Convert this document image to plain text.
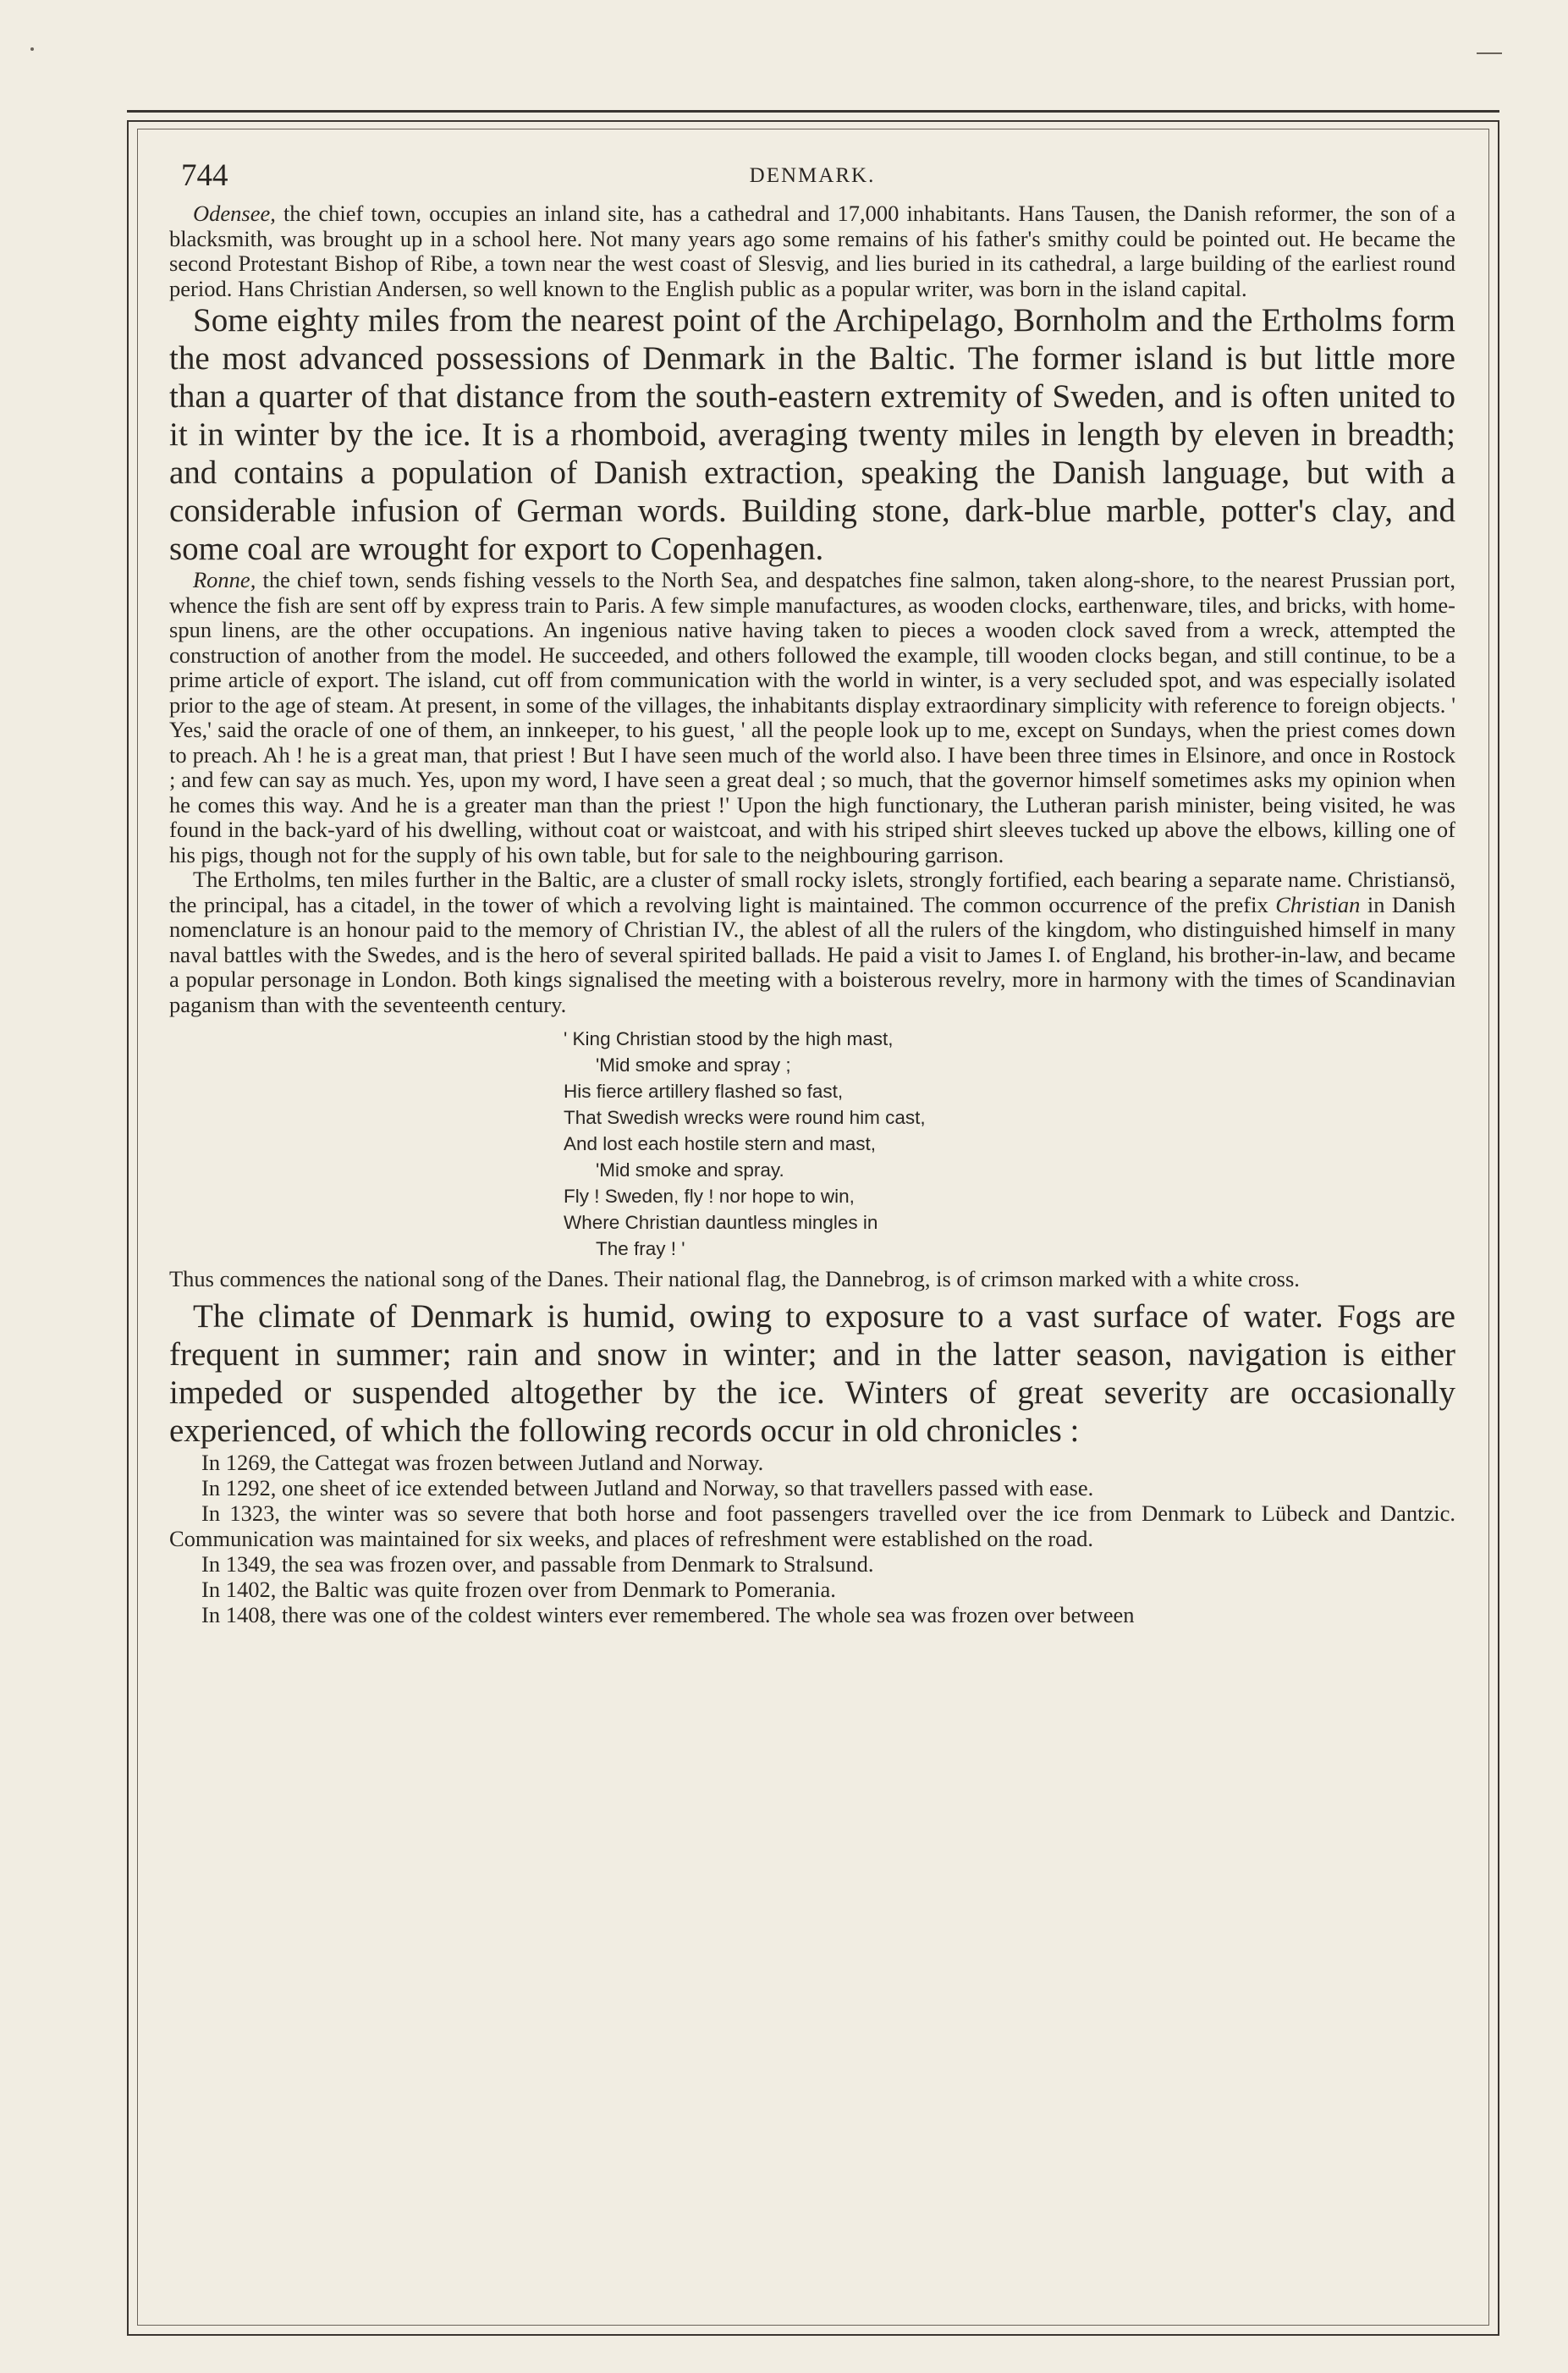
744	DENMARK.

Odensee, the chief town, occupies an inland site, has a cathedral and 17,000 inhabitants. Hans Tausen, the Danish reformer, the son of a blacksmith, was brought up in a school here. Not many years ago some remains of his father's smithy could be pointed out. He became the second Protestant Bishop of Ribe, a town near the west coast of Slesvig, and lies buried in its cathedral, a large building of the earliest round period. Hans Christian Andersen, so well known to the English public as a popular writer, was born in the island capital.

Some eighty miles from the nearest point of the Archipelago, Bornholm and the Ertholms form the most advanced possessions of Denmark in the Baltic. The former island is but little more than a quarter of that distance from the south-eastern extremity of Sweden, and is often united to it in winter by the ice. It is a rhomboid, averaging twenty miles in length by eleven in breadth; and contains a population of Danish extraction, speaking the Danish language, but with a considerable infusion of German words. Building stone, dark-blue marble, potter's clay, and some coal are wrought for export to Copenhagen.

Ronne, the chief town, sends fishing vessels to the North Sea, and despatches fine salmon, taken along-shore, to the nearest Prussian port, whence the fish are sent off by express train to Paris. A few simple manufactures, as wooden clocks, earthenware, tiles, and bricks, with home-spun linens, are the other occupations. An ingenious native having taken to pieces a wooden clock saved from a wreck, attempted the construction of another from the model. He succeeded, and others followed the example, till wooden clocks began, and still continue, to be a prime article of export. The island, cut off from communication with the world in winter, is a very secluded spot, and was especially isolated prior to the age of steam. At present, in some of the villages, the inhabitants display extraordinary simplicity with reference to foreign objects. ' Yes,' said the oracle of one of them, an innkeeper, to his guest, ' all the people look up to me, except on Sundays, when the priest comes down to preach. Ah ! he is a great man, that priest ! But I have seen much of the world also. I have been three times in Elsinore, and once in Rostock ; and few can say as much. Yes, upon my word, I have seen a great deal ; so much, that the governor himself sometimes asks my opinion when he comes this way. And he is a greater man than the priest !' Upon the high functionary, the Lutheran parish minister, being visited, he was found in the back-yard of his dwelling, without coat or waistcoat, and with his striped shirt sleeves tucked up above the elbows, killing one of his pigs, though not for the supply of his own table, but for sale to the neighbouring garrison.

The Ertholms, ten miles further in the Baltic, are a cluster of small rocky islets, strongly fortified, each bearing a separate name. Christiansö, the principal, has a citadel, in the tower of which a revolving light is maintained. The common occurrence of the prefix Christian in Danish nomenclature is an honour paid to the memory of Christian IV., the ablest of all the rulers of the kingdom, who distinguished himself in many naval battles with the Swedes, and is the hero of several spirited ballads. He paid a visit to James I. of England, his brother-in-law, and became a popular personage in London. Both kings signalised the meeting with a boisterous revelry, more in harmony with the times of Scandinavian paganism than with the seventeenth century.

' King Christian stood by the high mast,
'Mid smoke and spray ;
His fierce artillery flashed so fast,
That Swedish wrecks were round him cast,
And lost each hostile stern and mast,
'Mid smoke and spray.
Fly ! Sweden, fly ! nor hope to win,
Where Christian dauntless mingles in
The fray ! '

Thus commences the national song of the Danes. Their national flag, the Dannebrog, is of crimson marked with a white cross.

The climate of Denmark is humid, owing to exposure to a vast surface of water. Fogs are frequent in summer; rain and snow in winter; and in the latter season, navigation is either impeded or suspended altogether by the ice. Winters of great severity are occasionally experienced, of which the following records occur in old chronicles :

In 1269, the Cattegat was frozen between Jutland and Norway.

In 1292, one sheet of ice extended between Jutland and Norway, so that travellers passed with ease.

In 1323, the winter was so severe that both horse and foot passengers travelled over the ice from Denmark to Lübeck and Dantzic. Communication was maintained for six weeks, and places of refreshment were established on the road.

In 1349, the sea was frozen over, and passable from Denmark to Stralsund.

In 1402, the Baltic was quite frozen over from Denmark to Pomerania.

In 1408, there was one of the coldest winters ever remembered. The whole sea was frozen over between
